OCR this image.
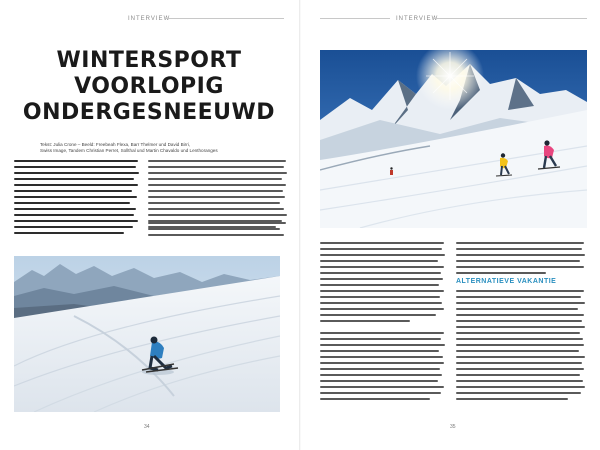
INTERVIEW	INTERVIEW
WINTERSPORT
VOORLOPIG
ONDERGESNEEUWD
Tekst: Julia Crone – Beeld: Freebeah Flexa, Barr Thelmer und David Birri,
Swiss Image, Tandem Christian Perret, Sollthal und Martin Chavaldo und Lenthoranges
ALTERNATIEVE VAKANTIE
34	35
